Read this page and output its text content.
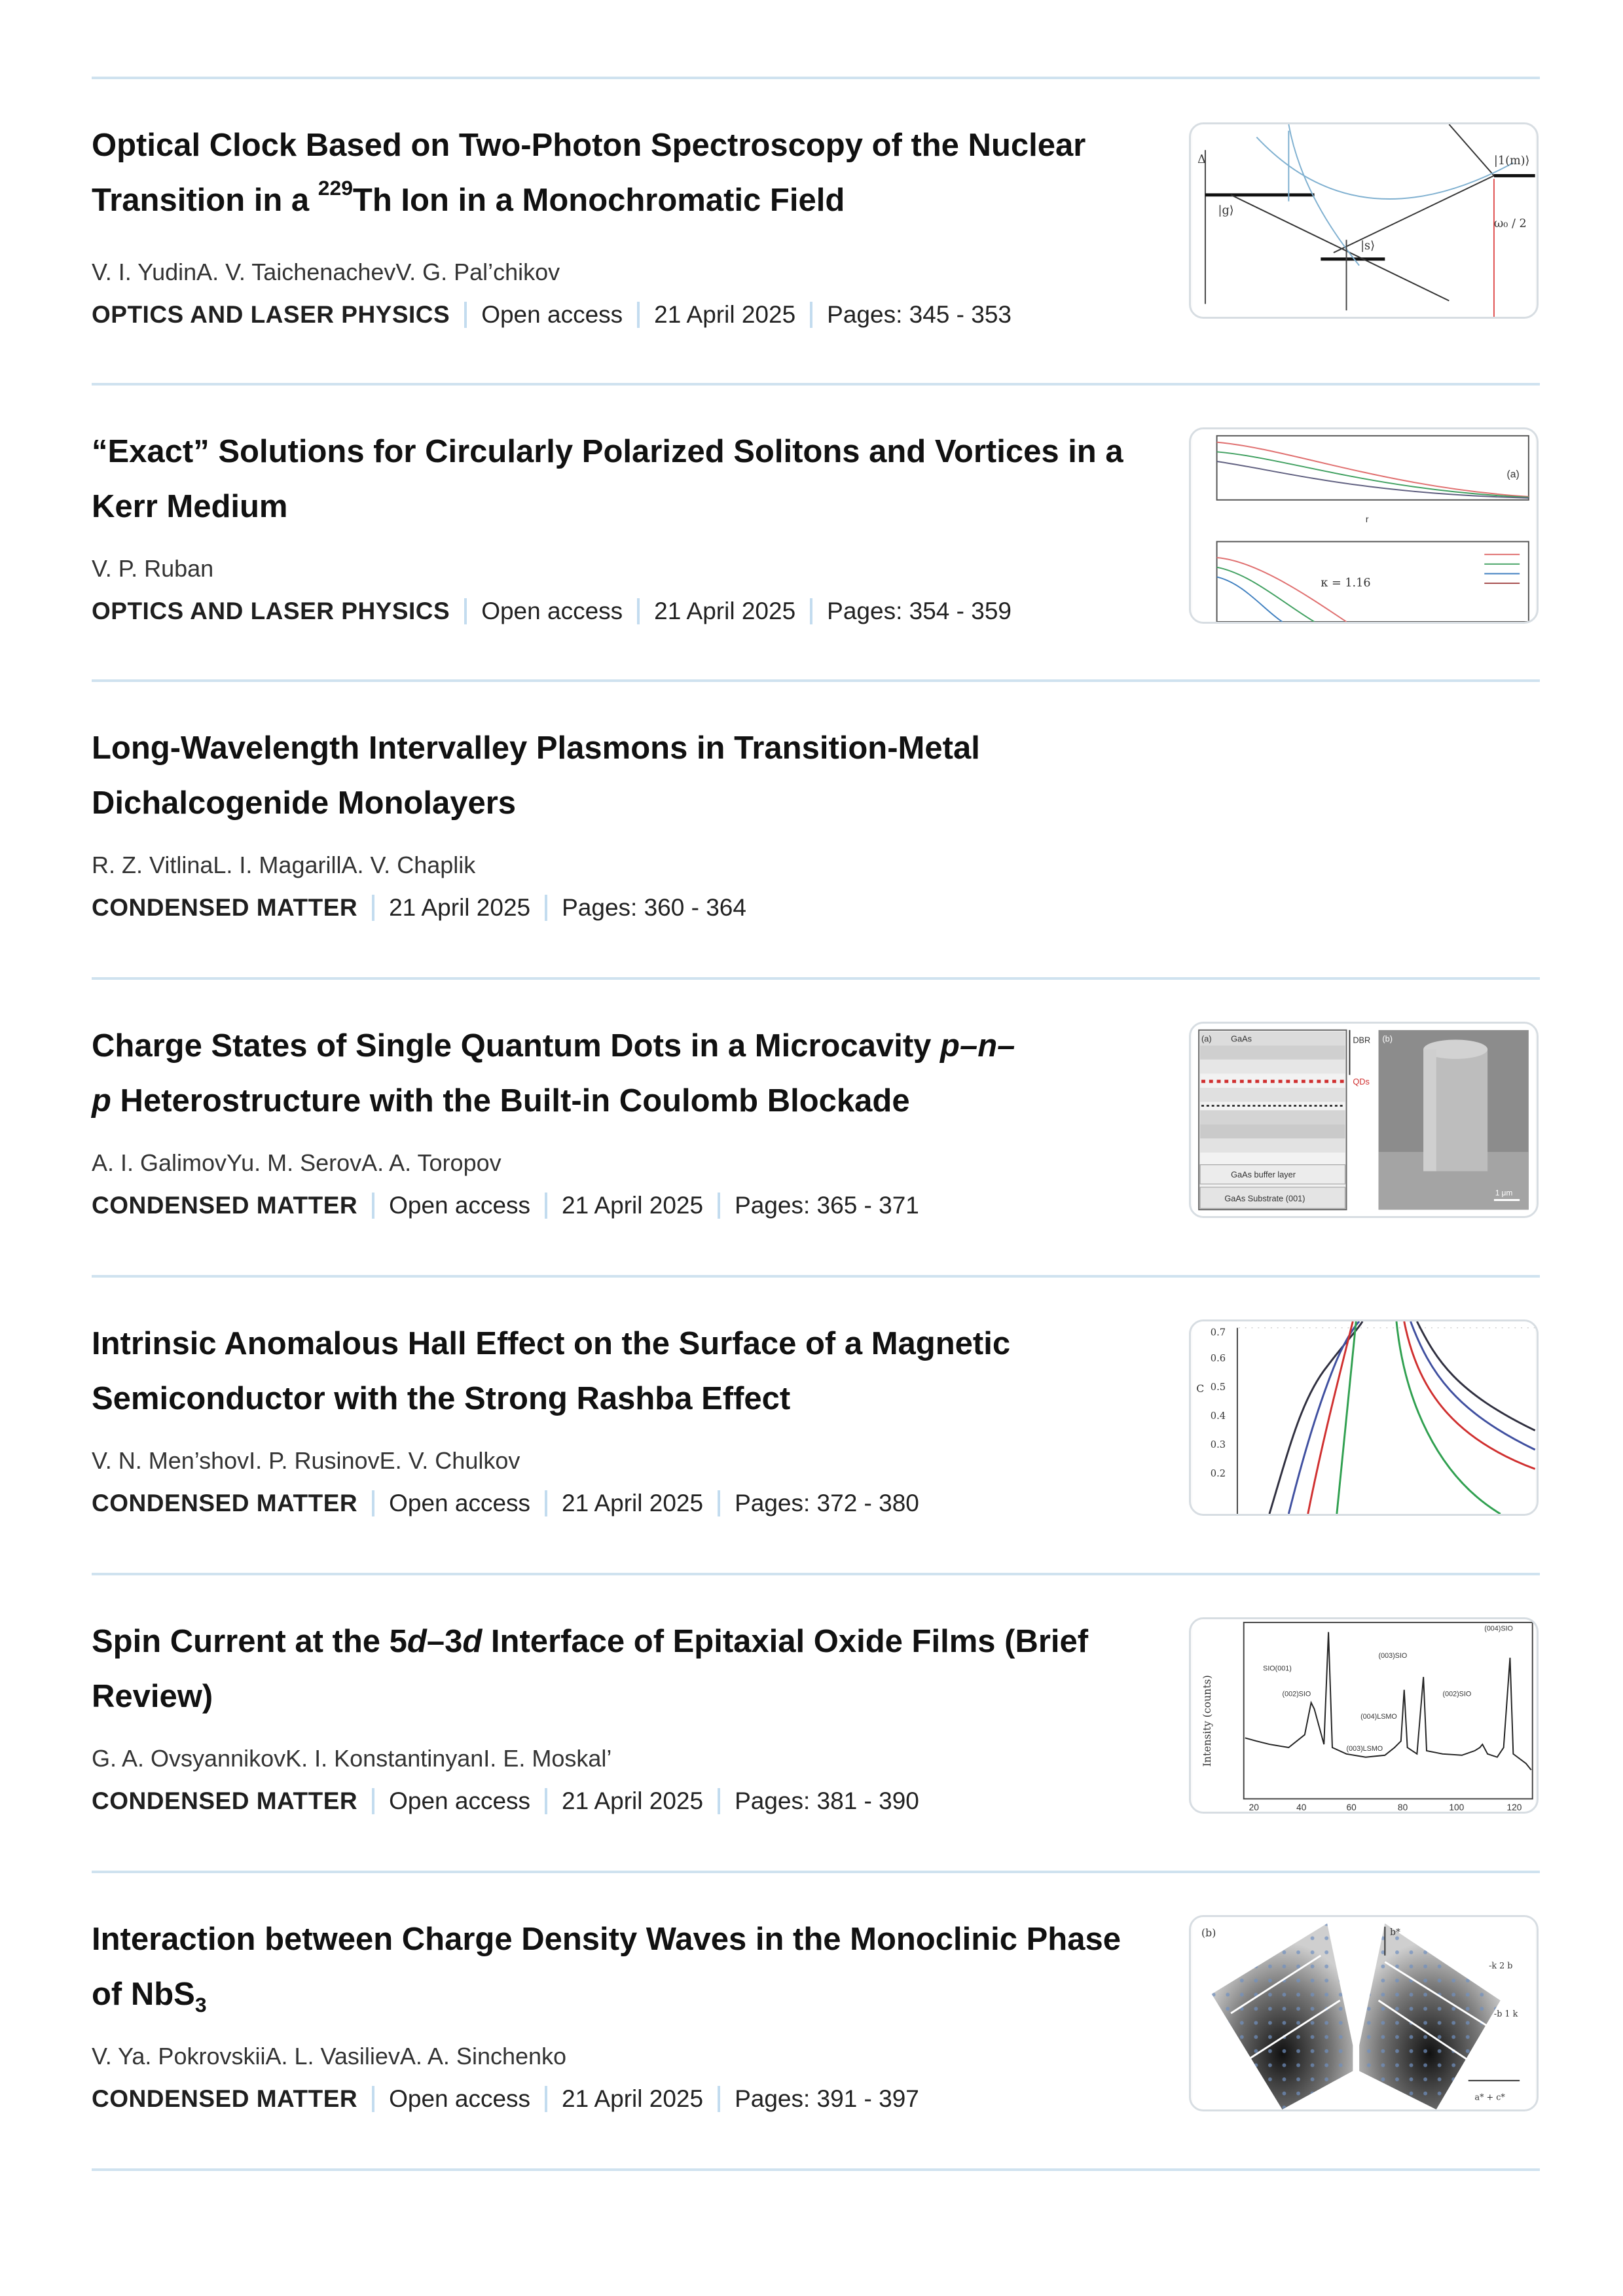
Optical Clock Based on Two-Photon Spectroscopy of the Nuclear
Transition in a $^{229}$Th Ion in a Monochromatic Field
V. I. YudinA. V. TaichenachevV. G. Pal’chikov
OPTICS AND LASER PHYSICS Open access 21 April 2025 Pages: 345 - 353
Δ
|g⟩
|1(m)⟩
ω₀ / 2
|s⟩
“Exact” Solutions for Circularly Polarized Solitons and Vortices in a
Kerr Medium
V. P. Ruban
OPTICS AND LASER PHYSICS Open access 21 April 2025 Pages: 354 - 359
(a)
r
κ = 1.16
Long-Wavelength Intervalley Plasmons in Transition-Metal
Dichalcogenide Monolayers
R. Z. VitlinaL. I. MagarillA. V. Chaplik
CONDENSED MATTER 21 April 2025 Pages: 360 - 364
Charge States of Single Quantum Dots in a Microcavity p–n–
p Heterostructure with the Built-in Coulomb Blockade
A. I. GalimovYu. M. SerovA. A. Toropov
CONDENSED MATTER Open access 21 April 2025 Pages: 365 - 371
GaAs
(a)
GaAs buffer layer
GaAs Substrate (001)
DBR
QDs
(b)
1 μm
Intrinsic Anomalous Hall Effect on the Surface of a Magnetic
Semiconductor with the Strong Rashba Effect
V. N. Men’shovI. P. RusinovE. V. Chulkov
CONDENSED MATTER Open access 21 April 2025 Pages: 372 - 380
0.7
0.6
0.5
0.4
0.3
0.2
C
Spin Current at the 5d–3d Interface of Epitaxial Oxide Films (Brief
Review)
G. A. OvsyannikovK. I. KonstantinyanI. E. Moskal’
CONDENSED MATTER Open access 21 April 2025 Pages: 381 - 390
Intensity (counts)
SIO(001)
(002)SIO
(003)SIO
(004)LSMO
(003)LSMO
(002)SIO
(004)SIO
20	40	60	80	100	120
Interaction between Charge Density Waves in the Monoclinic Phase
of NbS$_3$
V. Ya. PokrovskiiA. L. VasilievA. A. Sinchenko
CONDENSED MATTER Open access 21 April 2025 Pages: 391 - 397
(b)	b*
-k 2 b
-b 1 k
a* + c*
